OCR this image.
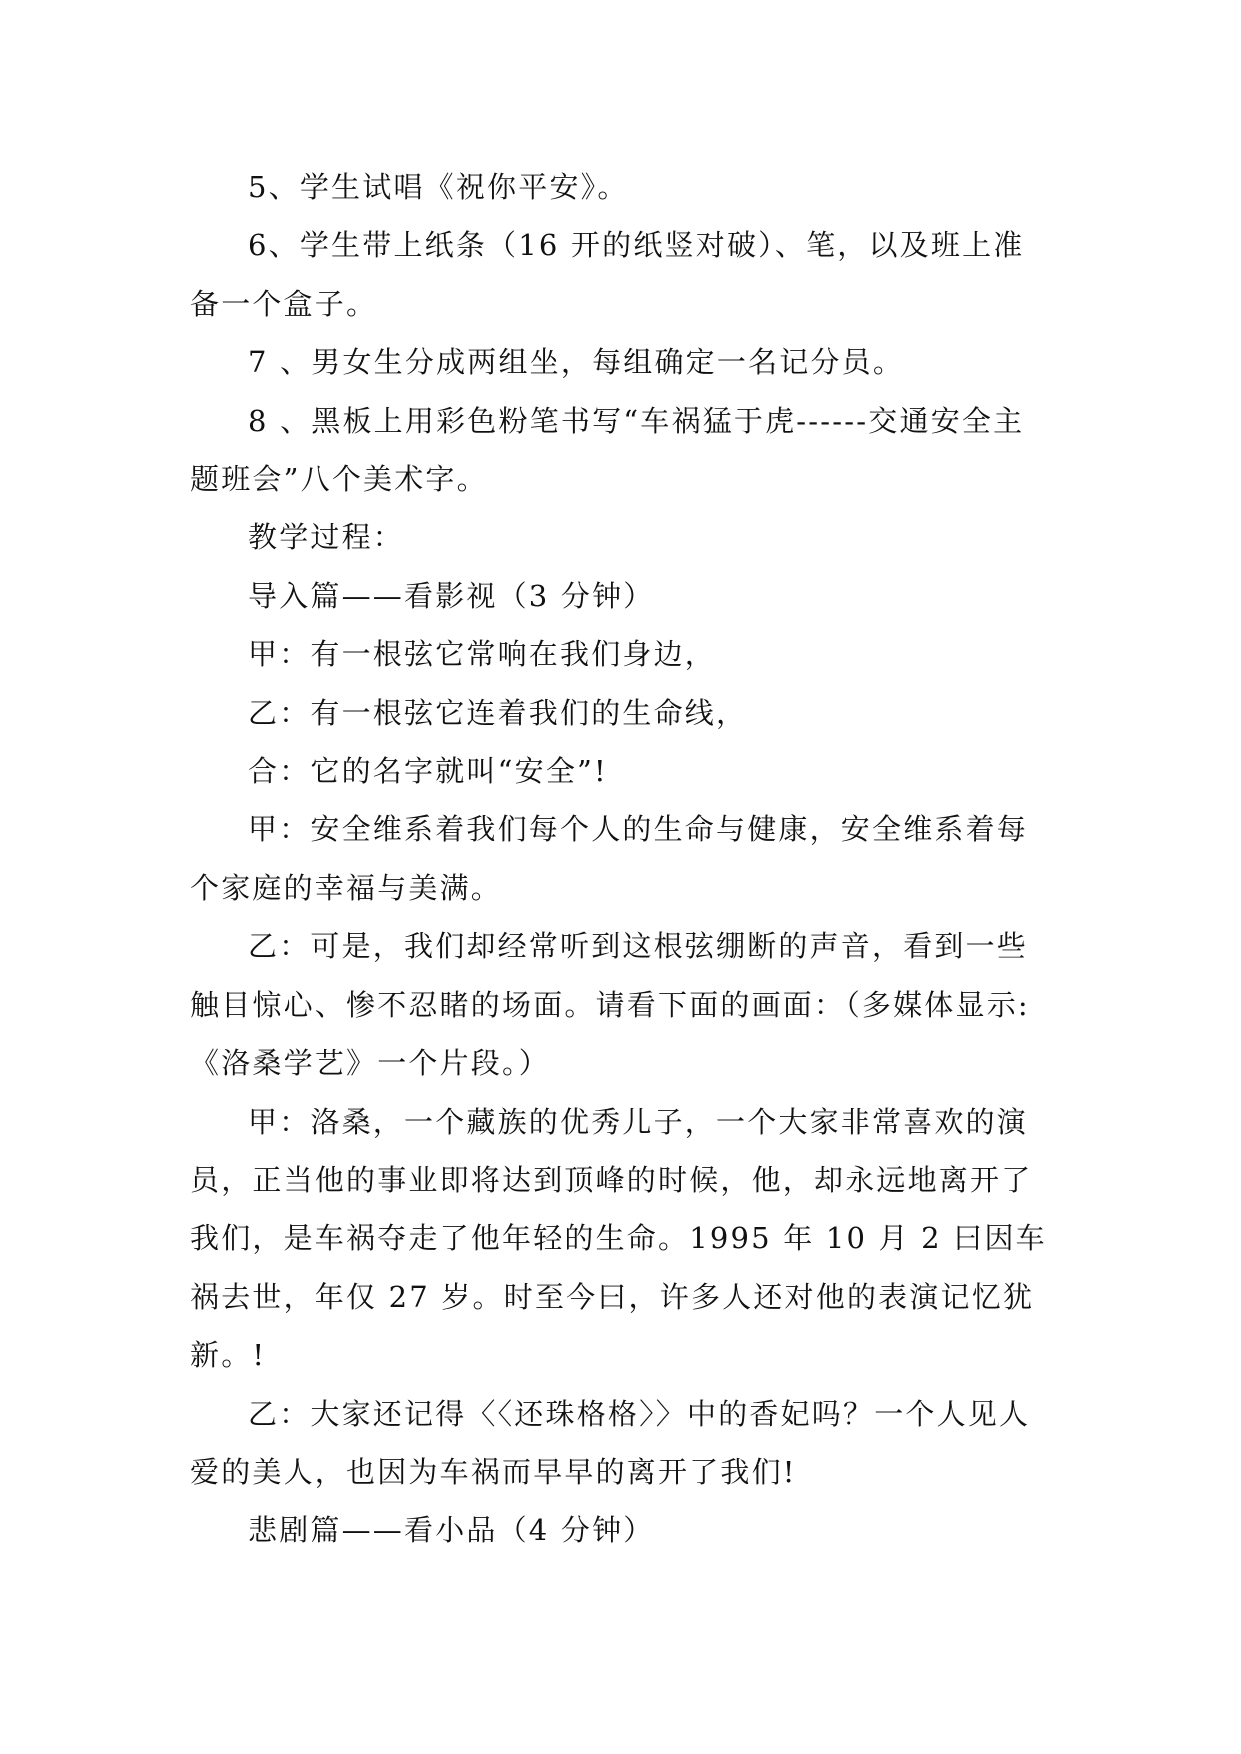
5、学生试唱《祝你平安》。

6、学生带上纸条（16 开的纸竖对破）、笔，以及班上准备一个盒子。

7 、男女生分成两组坐，每组确定一名记分员。

8 、黑板上用彩色粉笔书写“车祸猛于虎------交通安全主题班会”八个美术字。

教学过程：

导入篇——看影视（3 分钟）

甲：有一根弦它常响在我们身边，

乙：有一根弦它连着我们的生命线，

合：它的名字就叫“安全”!

甲：安全维系着我们每个人的生命与健康，安全维系着每个家庭的幸福与美满。

乙：可是，我们却经常听到这根弦绷断的声音，看到一些触目惊心、惨不忍睹的场面。请看下面的画面：（多媒体显示:《洛桑学艺》一个片段。）

甲：洛桑，一个藏族的优秀儿子，一个大家非常喜欢的演员，正当他的事业即将达到顶峰的时候，他，却永远地离开了我们，是车祸夺走了他年轻的生命。1995 年 10 月 2 曰因车祸去世，年仅 27 岁。时至今曰，许多人还对他的表演记忆犹新。!

乙：大家还记得〈〈还珠格格〉〉中的香妃吗？一个人见人爱的美人，也因为车祸而早早的离开了我们!

悲剧篇——看小品（4 分钟）
